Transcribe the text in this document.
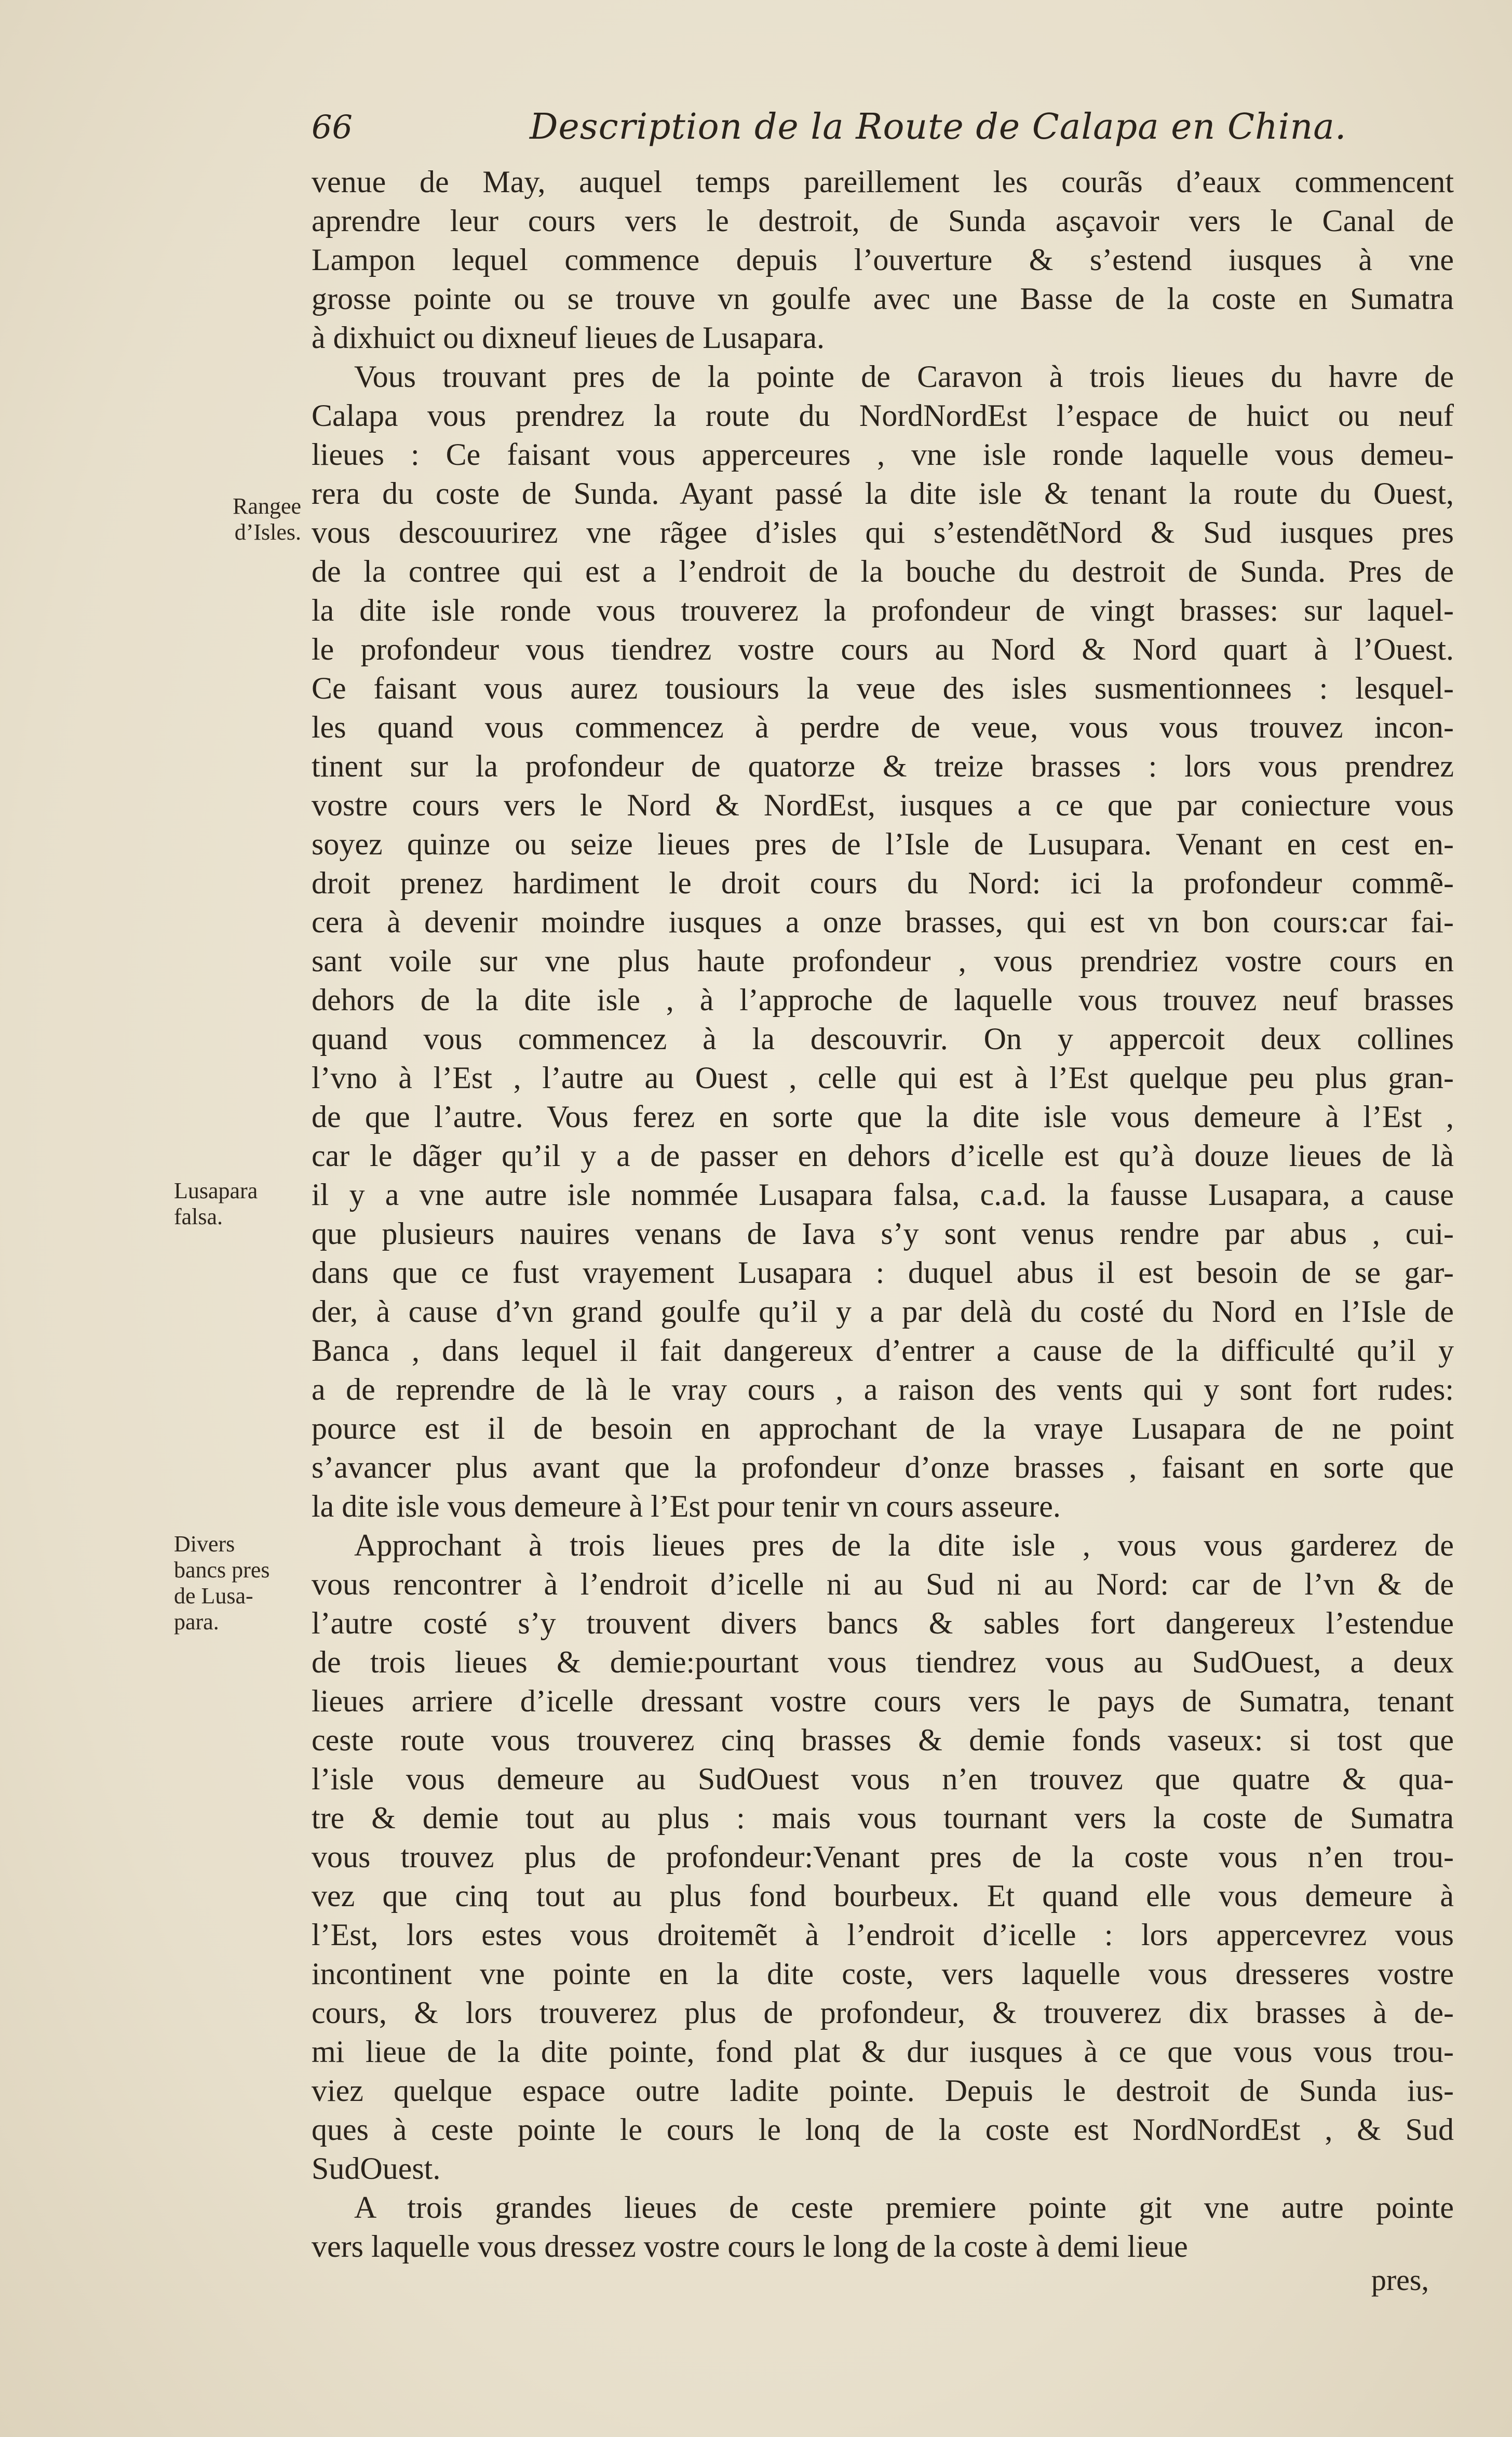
66	Description de la Route de Calapa en China.
venue de May, auquel temps pareillement les courãs d’eaux commencent
aprendre leur cours vers le destroit, de Sunda asçavoir vers le Canal de
Lampon lequel commence depuis l’ouverture & s’estend iusques à vne
grosse pointe ou se trouve vn goulfe avec une Basse de la coste en Sumatra
à dixhuict ou dixneuf lieues de Lusapara.
Vous trouvant pres de la pointe de Caravon à trois lieues du havre de
Calapa vous prendrez la route du NordNordEst l’espace de huict ou neuf
lieues : Ce faisant vous apperceures , vne isle ronde laquelle vous demeu-
rera du coste de Sunda. Ayant passé la dite isle & tenant la route du Ouest,
vous descouurirez vne rãgee d’isles qui s’estendẽtNord & Sud iusques pres
de la contree qui est a l’endroit de la bouche du destroit de Sunda. Pres de
la dite isle ronde vous trouverez la profondeur de vingt brasses: sur laquel-
le profondeur vous tiendrez vostre cours au Nord & Nord quart à l’Ouest.
Ce faisant vous aurez tousiours la veue des isles susmentionnees : lesquel-
les quand vous commencez à perdre de veue, vous vous trouvez incon-
tinent sur la profondeur de quatorze & treize brasses : lors vous prendrez
vostre cours vers le Nord & NordEst, iusques a ce que par coniecture vous
soyez quinze ou seize lieues pres de l’Isle de Lusupara. Venant en cest en-
droit prenez hardiment le droit cours du Nord: ici la profondeur commẽ-
cera à devenir moindre iusques a onze brasses, qui est vn bon cours:car fai-
sant voile sur vne plus haute profondeur , vous prendriez vostre cours en
dehors de la dite isle , à l’approche de laquelle vous trouvez neuf brasses
quand vous commencez à la descouvrir. On y appercoit deux collines
l’vno à l’Est , l’autre au Ouest , celle qui est à l’Est quelque peu plus gran-
de que l’autre. Vous ferez en sorte que la dite isle vous demeure à l’Est ,
car le dãger qu’il y a de passer en dehors d’icelle est qu’à douze lieues de là
il y a vne autre isle nommée Lusapara falsa, c.a.d. la fausse Lusapara, a cause
que plusieurs nauires venans de Iava s’y sont venus rendre par abus , cui-
dans que ce fust vrayement Lusapara : duquel abus il est besoin de se gar-
der, à cause d’vn grand goulfe qu’il y a par delà du costé du Nord en l’Isle de
Banca , dans lequel il fait dangereux d’entrer a cause de la difficulté qu’il y
a de reprendre de là le vray cours , a raison des vents qui y sont fort rudes:
pource est il de besoin en approchant de la vraye Lusapara de ne point
s’avancer plus avant que la profondeur d’onze brasses , faisant en sorte que
la dite isle vous demeure à l’Est pour tenir vn cours asseure.
Approchant à trois lieues pres de la dite isle , vous vous garderez de
vous rencontrer à l’endroit d’icelle ni au Sud ni au Nord: car de l’vn & de
l’autre costé s’y trouvent divers bancs & sables fort dangereux l’estendue
de trois lieues & demie:pourtant vous tiendrez vous au SudOuest, a deux
lieues arriere d’icelle dressant vostre cours vers le pays de Sumatra, tenant
ceste route vous trouverez cinq brasses & demie fonds vaseux: si tost que
l’isle vous demeure au SudOuest vous n’en trouvez que quatre & qua-
tre & demie tout au plus : mais vous tournant vers la coste de Sumatra
vous trouvez plus de profondeur:Venant pres de la coste vous n’en trou-
vez que cinq tout au plus fond bourbeux. Et quand elle vous demeure à
l’Est, lors estes vous droitemẽt à l’endroit d’icelle : lors appercevrez vous
incontinent vne pointe en la dite coste, vers laquelle vous dresseres vostre
cours, & lors trouverez plus de profondeur, & trouverez dix brasses à de-
mi lieue de la dite pointe, fond plat & dur iusques à ce que vous vous trou-
viez quelque espace outre ladite pointe. Depuis le destroit de Sunda ius-
ques à ceste pointe le cours le lonq de la coste est NordNordEst , & Sud
SudOuest.
A trois grandes lieues de ceste premiere pointe git vne autre pointe
vers laquelle vous dressez vostre cours le long de la coste à demi lieue
Rangee
d’Isles.
Lusapara
falsa.
Divers
bancs pres
de Lusa-
para.
pres,
